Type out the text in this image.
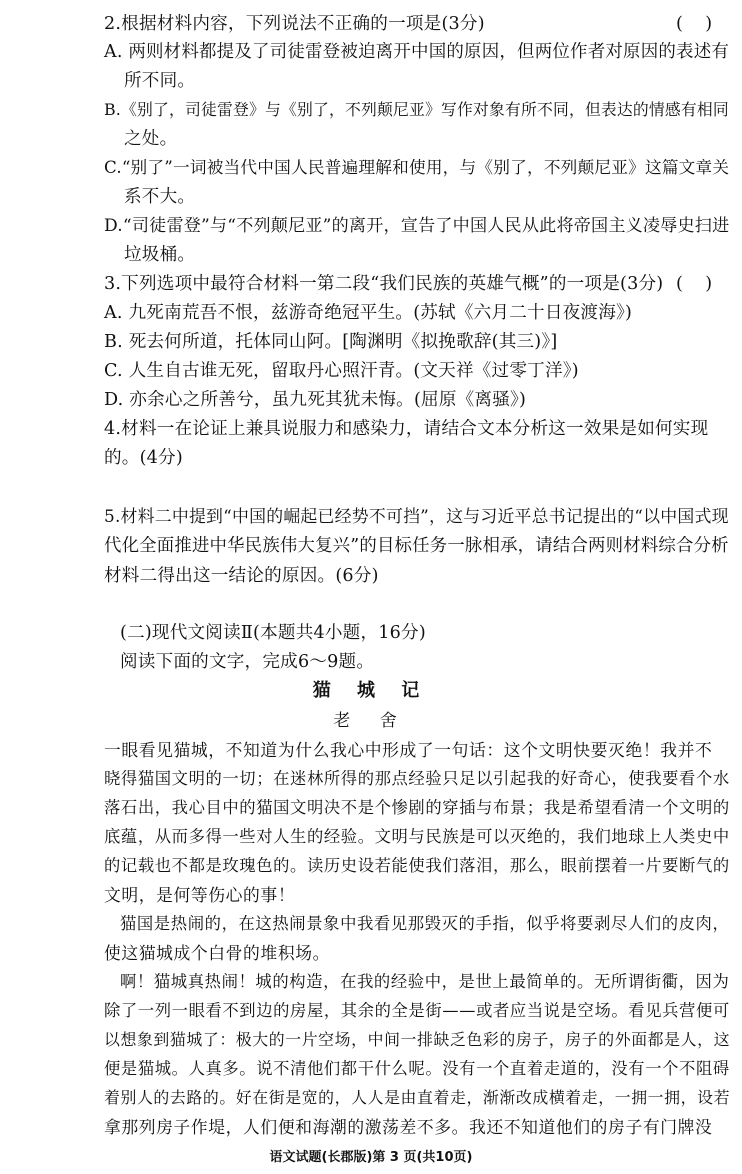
2.根据材料内容，下列说法不正确的一项是(3分)	(    )
A. 两则材料都提及了司徒雷登被迫离开中国的原因，但两位作者对原因的表述有
所不同。
B.《别了，司徒雷登》与《别了，不列颠尼亚》写作对象有所不同，但表达的情感有相同
之处。
C.“别了”一词被当代中国人民普遍理解和使用，与《别了，不列颠尼亚》这篇文章关
系不大。
D.“司徒雷登”与“不列颠尼亚”的离开，宣告了中国人民从此将帝国主义凌辱史扫进
垃圾桶。
3.下列选项中最符合材料一第二段“我们民族的英雄气概”的一项是(3分) (    )
A. 九死南荒吾不恨，兹游奇绝冠平生。(苏轼《六月二十日夜渡海》)
B. 死去何所道，托体同山阿。[陶渊明《拟挽歌辞(其三)》]
C. 人生自古谁无死，留取丹心照汗青。(文天祥《过零丁洋》)
D. 亦余心之所善兮，虽九死其犹未悔。(屈原《离骚》)
4.材料一在论证上兼具说服力和感染力，请结合文本分析这一效果是如何实现
的。(4分)
5.材料二中提到“中国的崛起已经势不可挡”，这与习近平总书记提出的“以中国式现
代化全面推进中华民族伟大复兴”的目标任务一脉相承，请结合两则材料综合分析
材料二得出这一结论的原因。(6分)
(二)现代文阅读Ⅱ(本题共4小题，16分)
阅读下面的文字，完成6～9题。
猫 城 记
老 舍
一眼看见猫城，不知道为什么我心中形成了一句话：这个文明快要灭绝！我并不
晓得猫国文明的一切；在迷林所得的那点经验只足以引起我的好奇心，使我要看个水
落石出，我心目中的猫国文明决不是个惨剧的穿插与布景；我是希望看清一个文明的
底蕴，从而多得一些对人生的经验。文明与民族是可以灭绝的，我们地球上人类史中
的记载也不都是玫瑰色的。读历史设若能使我们落泪，那么，眼前摆着一片要断气的
文明，是何等伤心的事！
猫国是热闹的，在这热闹景象中我看见那毁灭的手指，似乎将要剥尽人们的皮肉，
使这猫城成个白骨的堆积场。
啊！猫城真热闹！城的构造，在我的经验中，是世上最简单的。无所谓街衢，因为
除了一列一眼看不到边的房屋，其余的全是街——或者应当说是空场。看见兵营便可
以想象到猫城了：极大的一片空场，中间一排缺乏色彩的房子，房子的外面都是人，这
便是猫城。人真多。说不清他们都干什么呢。没有一个直着走道的，没有一个不阻碍
着别人的去路的。好在街是宽的，人人是由直着走，渐渐改成横着走，一拥一拥，设若
拿那列房子作堤，人们便和海潮的激荡差不多。我还不知道他们的房子有门牌没
语文试题(长郡版)第 3 页(共10页)
